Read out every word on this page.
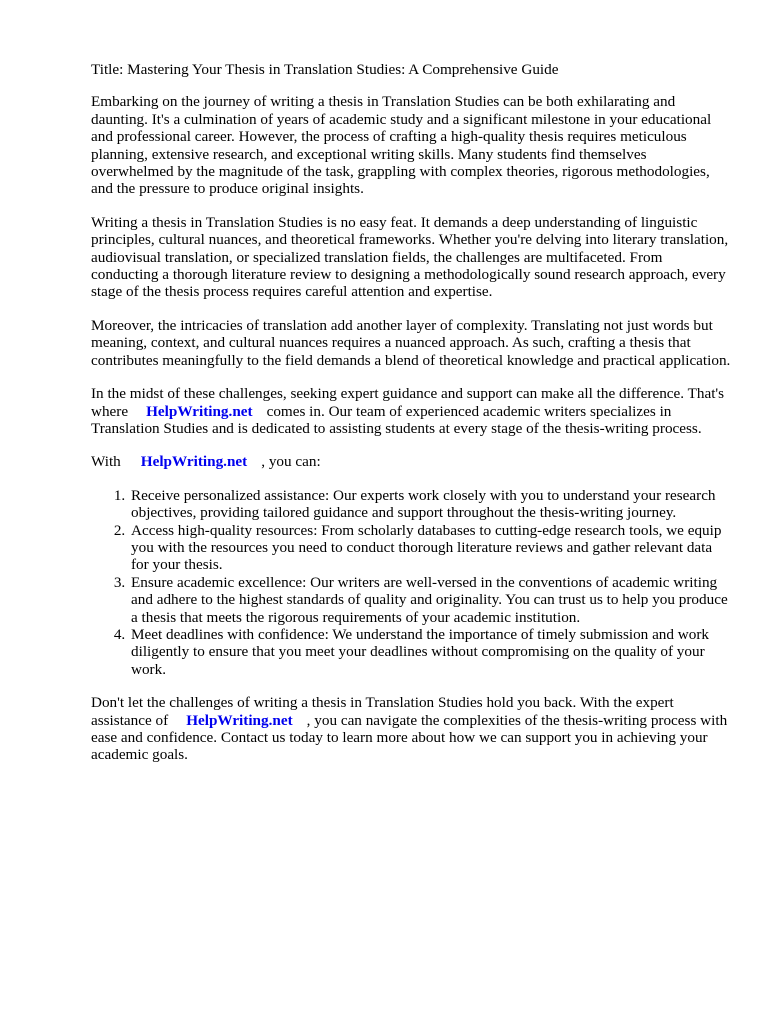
Title: Mastering Your Thesis in Translation Studies: A Comprehensive Guide

Embarking on the journey of writing a thesis in Translation Studies can be both exhilarating and daunting. It's a culmination of years of academic study and a significant milestone in your educational and professional career. However, the process of crafting a high-quality thesis requires meticulous planning, extensive research, and exceptional writing skills. Many students find themselves overwhelmed by the magnitude of the task, grappling with complex theories, rigorous methodologies, and the pressure to produce original insights.

Writing a thesis in Translation Studies is no easy feat. It demands a deep understanding of linguistic principles, cultural nuances, and theoretical frameworks. Whether you're delving into literary translation, audiovisual translation, or specialized translation fields, the challenges are multifaceted. From conducting a thorough literature review to designing a methodologically sound research approach, every stage of the thesis process requires careful attention and expertise.

Moreover, the intricacies of translation add another layer of complexity. Translating not just words but meaning, context, and cultural nuances requires a nuanced approach. As such, crafting a thesis that contributes meaningfully to the field demands a blend of theoretical knowledge and practical application.

In the midst of these challenges, seeking expert guidance and support can make all the difference. That's where HelpWriting.net comes in. Our team of experienced academic writers specializes in Translation Studies and is dedicated to assisting students at every stage of the thesis-writing process.

With HelpWriting.net , you can:

1. Receive personalized assistance: Our experts work closely with you to understand your research objectives, providing tailored guidance and support throughout the thesis-writing journey.
2. Access high-quality resources: From scholarly databases to cutting-edge research tools, we equip you with the resources you need to conduct thorough literature reviews and gather relevant data for your thesis.
3. Ensure academic excellence: Our writers are well-versed in the conventions of academic writing and adhere to the highest standards of quality and originality. You can trust us to help you produce a thesis that meets the rigorous requirements of your academic institution.
4. Meet deadlines with confidence: We understand the importance of timely submission and work diligently to ensure that you meet your deadlines without compromising on the quality of your work.

Don't let the challenges of writing a thesis in Translation Studies hold you back. With the expert assistance of HelpWriting.net , you can navigate the complexities of the thesis-writing process with ease and confidence. Contact us today to learn more about how we can support you in achieving your academic goals.
